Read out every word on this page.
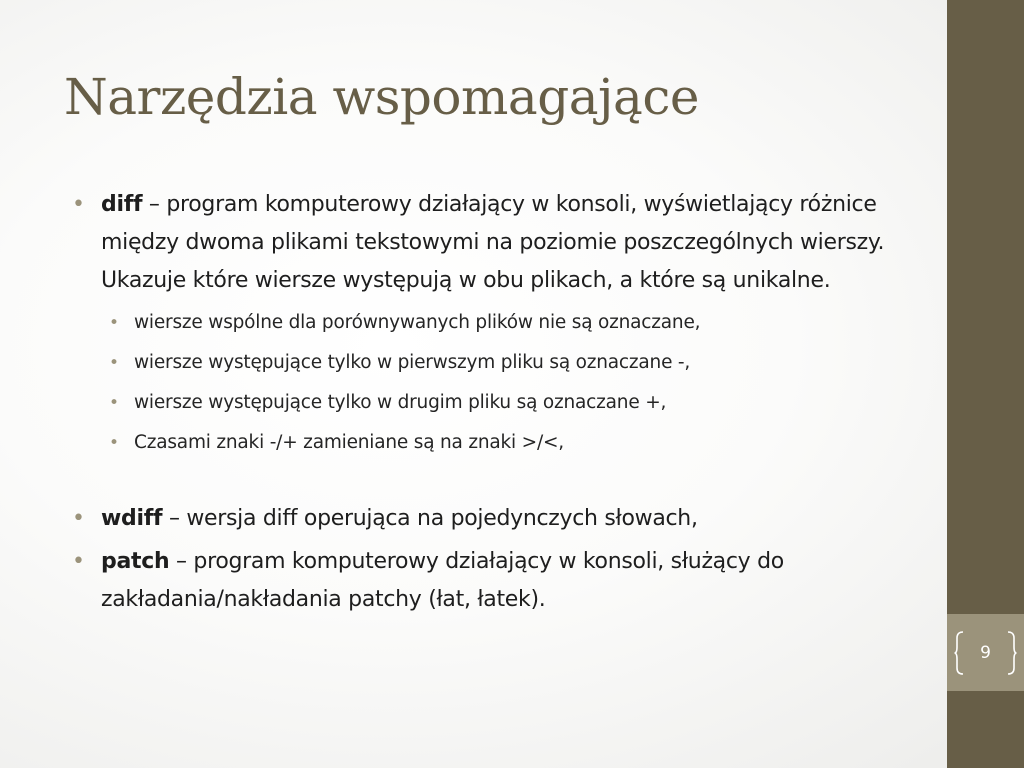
9
Narzędzia wspomagające
• diff – program komputerowy działający w konsoli, wyświetlający różnice między dwoma plikami tekstowymi na poziomie poszczególnych wierszy. Ukazuje które wiersze występują w obu plikach, a które są unikalne.
• wiersze wspólne dla porównywanych plików nie są oznaczane,
• wiersze występujące tylko w pierwszym pliku są oznaczane -,
• wiersze występujące tylko w drugim pliku są oznaczane +,
• Czasami znaki -/+ zamieniane są na znaki >/<,
• wdiff – wersja diff operująca na pojedynczych słowach,
• patch – program komputerowy działający w konsoli, służący do zakładania/nakładania patchy (łat, łatek).
